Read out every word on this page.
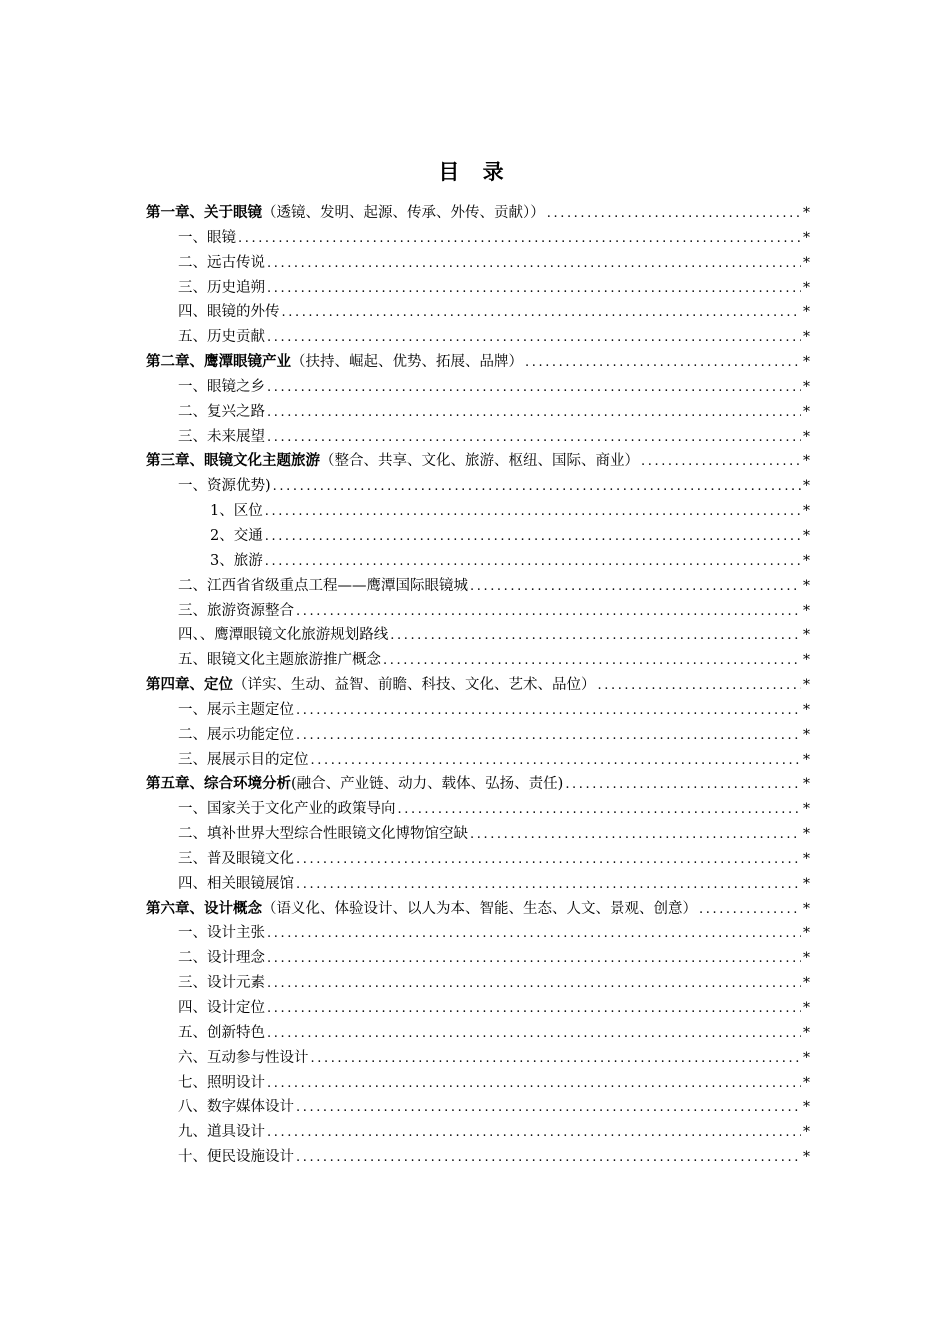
目 录
第一章、关于眼镜（透镜、发明、起源、传承、外传、贡献）） .....	*
一、眼镜 .....	*
二、远古传说 .....	*
三、历史追朔 .....	*
四、眼镜的外传 .....	*
五、历史贡献 .....	*
第二章、鹰潭眼镜产业（扶持、崛起、优势、拓展、品牌） .....	*
一、眼镜之乡 .....	*
二、复兴之路 .....	*
三、未来展望 .....	*
第三章、眼镜文化主题旅游（整合、共享、文化、旅游、枢纽、国际、商业） .....	*
一、资源优势) .....	*
1、区位 .....	*
2、交通 .....	*
3、旅游 .....	*
二、江西省省级重点工程——鹰潭国际眼镜城 .....	*
三、旅游资源整合 .....	*
四、、鹰潭眼镜文化旅游规划路线 .....	*
五、眼镜文化主题旅游推广概念 .....	*
第四章、定位（详实、生动、益智、前瞻、科技、文化、艺术、品位） .....	*
一、展示主题定位 .....	*
二、展示功能定位 .....	*
三、展展示目的定位 .....	*
第五章、综合环境分析(融合、产业链、动力、载体、弘扬、责任) .....	*
一、国家关于文化产业的政策导向 .....	*
二、填补世界大型综合性眼镜文化博物馆空缺 .....	*
三、普及眼镜文化 .....	*
四、相关眼镜展馆 .....	*
第六章、设计概念（语义化、体验设计、以人为本、智能、生态、人文、景观、创意） .....	*
一、设计主张 .....	*
二、设计理念 .....	*
三、设计元素 .....	*
四、设计定位 .....	*
五、创新特色 .....	*
六、互动参与性设计 .....	*
七、照明设计 .....	*
八、数字媒体设计 .....	*
九、道具设计 .....	*
十、便民设施设计 .....	*
